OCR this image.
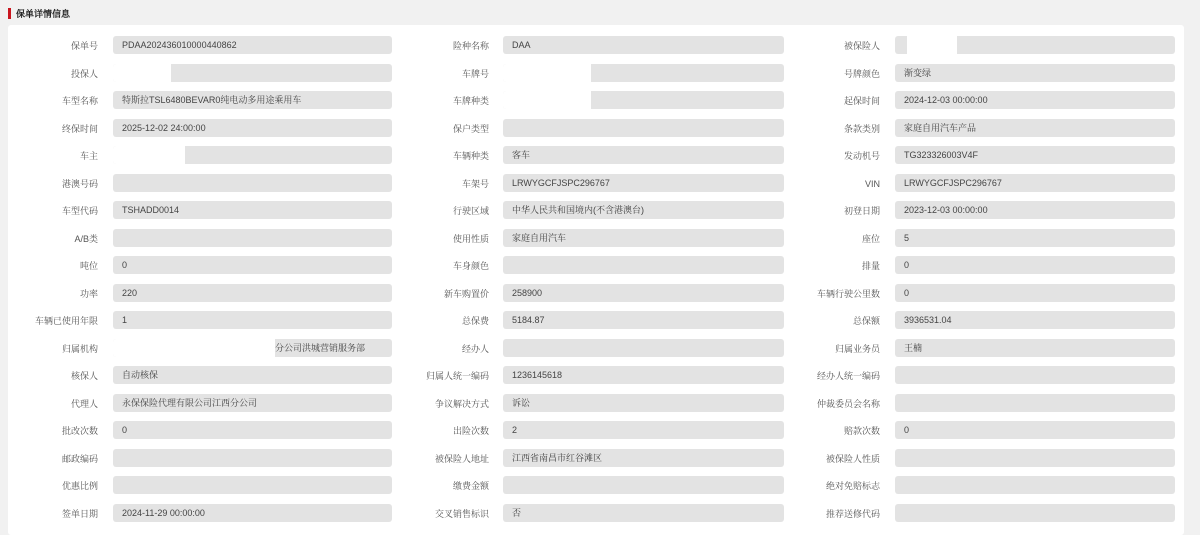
保单详情信息
保单号	PDAA202436010000440862	险种名称	DAA	被保险人
投保人	车牌号	号牌颜色	渐变绿
车型名称	特斯拉TSL6480BEVAR0纯电动多用途乘用车	车牌种类	起保时间	2024-12-03 00:00:00
终保时间	2025-12-02 24:00:00	保户类型	条款类别	家庭自用汽车产品
车主	车辆种类	客车	发动机号	TG323326003V4F
港澳号码	车架号	LRWYGCFJSPC296767	VIN	LRWYGCFJSPC296767
车型代码	TSHADD0014	行驶区域	中华人民共和国境内(不含港澳台)	初登日期	2023-12-03 00:00:00
A/B类	使用性质	家庭自用汽车	座位	5
吨位	0	车身颜色	排量	0
功率	220	新车购置价	258900	车辆行驶公里数	0
车辆已使用年限	1	总保费	5184.87	总保额	3936531.04
归属机构	分公司洪城营销服务部	经办人	归属业务员	王楠
核保人	自动核保	归属人统一编码	1236145618	经办人统一编码
代理人	永保保险代理有限公司江西分公司	争议解决方式	诉讼	仲裁委员会名称
批改次数	0	出险次数	2	赔款次数	0
邮政编码	被保险人地址	江西省南昌市红谷滩区	被保险人性质
优惠比例	缴费金额	绝对免赔标志
签单日期	2024-11-29 00:00:00	交叉销售标识	否	推荐送修代码
